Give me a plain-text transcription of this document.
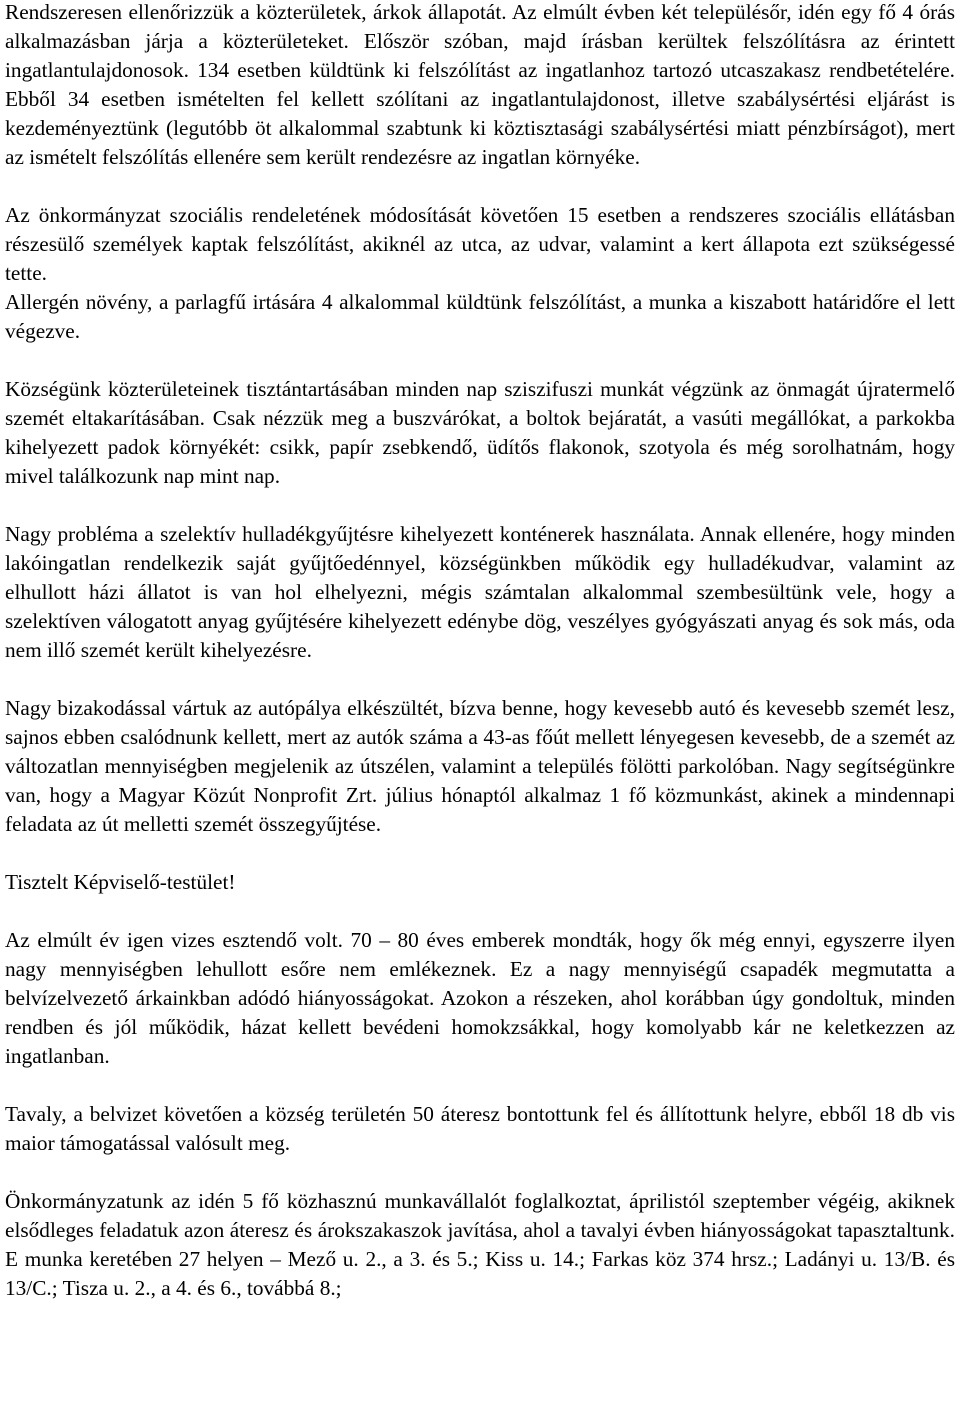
Rendszeresen ellenőrizzük a közterületek, árkok állapotát. Az elmúlt évben két településőr, idén egy fő 4 órás alkalmazásban járja a közterületeket. Először szóban, majd írásban kerültek felszólításra az érintett ingatlantulajdonosok. 134 esetben küldtünk ki felszólítást az ingatlanhoz tartozó utcaszakasz rendbetételére. Ebből 34 esetben ismételten fel kellett szólítani az ingatlantulajdonost, illetve szabálysértési eljárást is kezdeményeztünk (legutóbb öt alkalommal szabtunk ki köztisztasági szabálysértési miatt pénzbírságot), mert az ismételt felszólítás ellenére sem került rendezésre az ingatlan környéke.

Az önkormányzat szociális rendeletének módosítását követően 15 esetben a rendszeres szociális ellátásban részesülő személyek kaptak felszólítást, akiknél az utca, az udvar, valamint a kert állapota ezt szükségessé tette.

Allergén növény, a parlagfű irtására 4 alkalommal küldtünk felszólítást, a munka a kiszabott határidőre el lett végezve.

Községünk közterületeinek tisztántartásában minden nap sziszifuszi munkát végzünk az önmagát újratermelő szemét eltakarításában. Csak nézzük meg a buszvárókat, a boltok bejáratát, a vasúti megállókat, a parkokba kihelyezett padok környékét: csikk, papír zsebkendő, üdítős flakonok, szotyola és még sorolhatnám, hogy mivel találkozunk nap mint nap.

Nagy probléma a szelektív hulladékgyűjtésre kihelyezett konténerek használata. Annak ellenére, hogy minden lakóingatlan rendelkezik saját gyűjtőedénnyel, községünkben működik egy hulladékudvar, valamint az elhullott házi állatot is van hol elhelyezni, mégis számtalan alkalommal szembesültünk vele, hogy a szelektíven válogatott anyag gyűjtésére kihelyezett edénybe dög, veszélyes gyógyászati anyag és sok más, oda nem illő szemét került kihelyezésre.

Nagy bizakodással vártuk az autópálya elkészültét, bízva benne, hogy kevesebb autó és kevesebb szemét lesz, sajnos ebben csalódnunk kellett, mert az autók száma a 43-as főút mellett lényegesen kevesebb, de a szemét az változatlan mennyiségben megjelenik az útszélen, valamint a település fölötti parkolóban. Nagy segítségünkre van, hogy a Magyar Közút Nonprofit Zrt. július hónaptól alkalmaz 1 fő közmunkást, akinek a mindennapi feladata az út melletti szemét összegyűjtése.

Tisztelt Képviselő-testület!

Az elmúlt év igen vizes esztendő volt. 70 – 80 éves emberek mondták, hogy ők még ennyi, egyszerre ilyen nagy mennyiségben lehullott esőre nem emlékeznek. Ez a nagy mennyiségű csapadék megmutatta a belvízelvezető árkainkban adódó hiányosságokat. Azokon a részeken, ahol korábban úgy gondoltuk, minden rendben és jól működik, házat kellett bevédeni homokzsákkal, hogy komolyabb kár ne keletkezzen az ingatlanban.

Tavaly, a belvizet követően a község területén 50 áteresz bontottunk fel és állítottunk helyre, ebből 18 db vis maior támogatással valósult meg.

Önkormányzatunk az idén 5 fő közhasznú munkavállalót foglalkoztat, áprilistól szeptember végéig, akiknek elsődleges feladatuk azon áteresz és árokszakaszok javítása, ahol a tavalyi évben hiányosságokat tapasztaltunk. E munka keretében 27 helyen – Mező u. 2., a 3. és 5.; Kiss u. 14.; Farkas köz 374 hrsz.; Ladányi u. 13/B. és 13/C.; Tisza u. 2., a 4. és 6., továbbá 8.;
